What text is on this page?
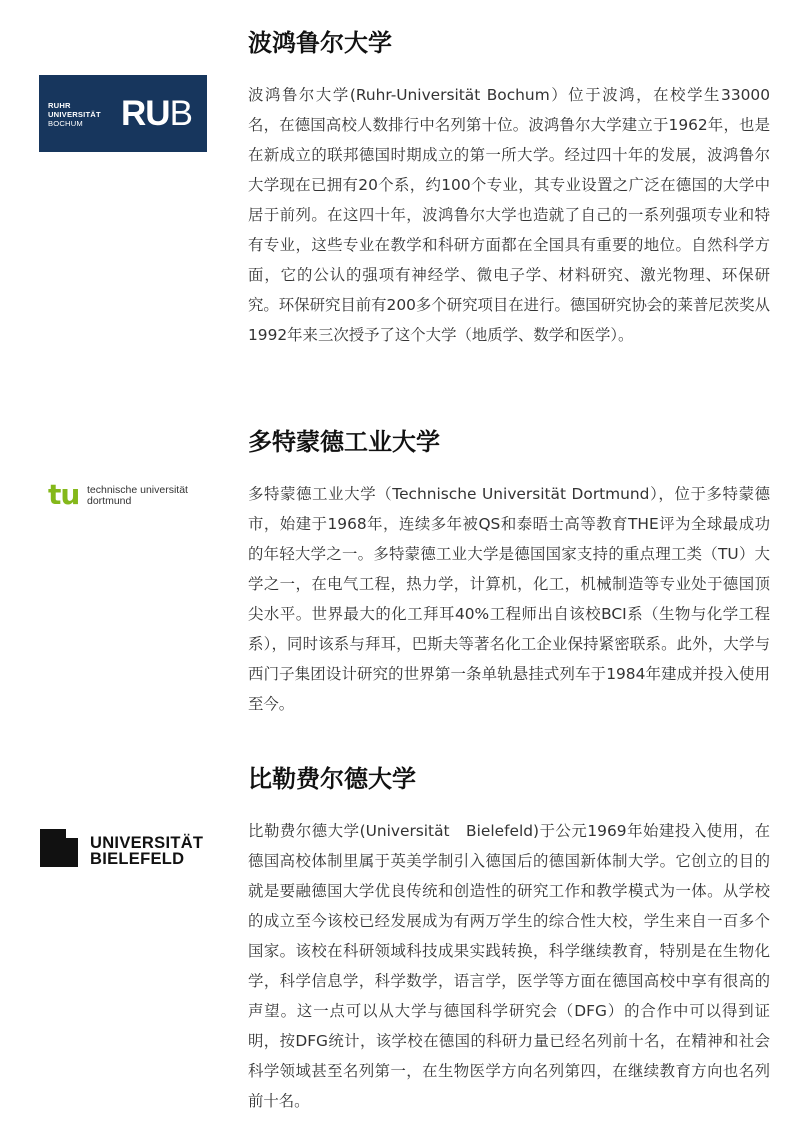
RUHR
UNIVERSITÄT
BOCHUM	RUB
波鸿鲁尔大学

波鸿鲁尔大学(Ruhr-Universität Bochum）位于波鸿，在校学生33000名，在德国高校人数排行中名列第十位。波鸿鲁尔大学建立于1962年，也是在新成立的联邦德国时期成立的第一所大学。经过四十年的发展，波鸿鲁尔大学现在已拥有20个系，约100个专业，其专业设置之广泛在德国的大学中居于前列。在这四十年，波鸿鲁尔大学也造就了自己的一系列强项专业和特有专业，这些专业在教学和科研方面都在全国具有重要的地位。自然科学方面，它的公认的强项有神经学、微电子学、材料研究、激光物理、环保研究。环保研究目前有200多个研究项目在进行。德国研究协会的莱普尼茨奖从1992年来三次授予了这个大学（地质学、数学和医学）。

tu technische universität
dortmund
多特蒙德工业大学

多特蒙德工业大学（Technische Universität Dortmund），位于多特蒙德市，始建于1968年，连续多年被QS和泰晤士高等教育THE评为全球最成功的年轻大学之一。多特蒙德工业大学是德国国家支持的重点理工类（TU）大学之一，在电气工程，热力学，计算机，化工，机械制造等专业处于德国顶尖水平。世界最大的化工拜耳40%工程师出自该校BCI系（生物与化学工程系），同时该系与拜耳，巴斯夫等著名化工企业保持紧密联系。此外，大学与西门子集团设计研究的世界第一条单轨悬挂式列车于1984年建成并投入使用至今。

UNIVERSITÄT
BIELEFELD
比勒费尔德大学

比勒费尔德大学(Universität　Bielefeld)于公元1969年始建投入使用，在德国高校体制里属于英美学制引入德国后的德国新体制大学。它创立的目的就是要融德国大学优良传统和创造性的研究工作和教学模式为一体。从学校的成立至今该校已经发展成为有两万学生的综合性大校，学生来自一百多个国家。该校在科研领域科技成果实践转换，科学继续教育，特别是在生物化学，科学信息学，科学数学，语言学，医学等方面在德国高校中享有很高的声望。这一点可以从大学与德国科学研究会（DFG）的合作中可以得到证明，按DFG统计，该学校在德国的科研力量已经名列前十名，在精神和社会科学领域甚至名列第一，在生物医学方向名列第四，在继续教育方向也名列前十名。
